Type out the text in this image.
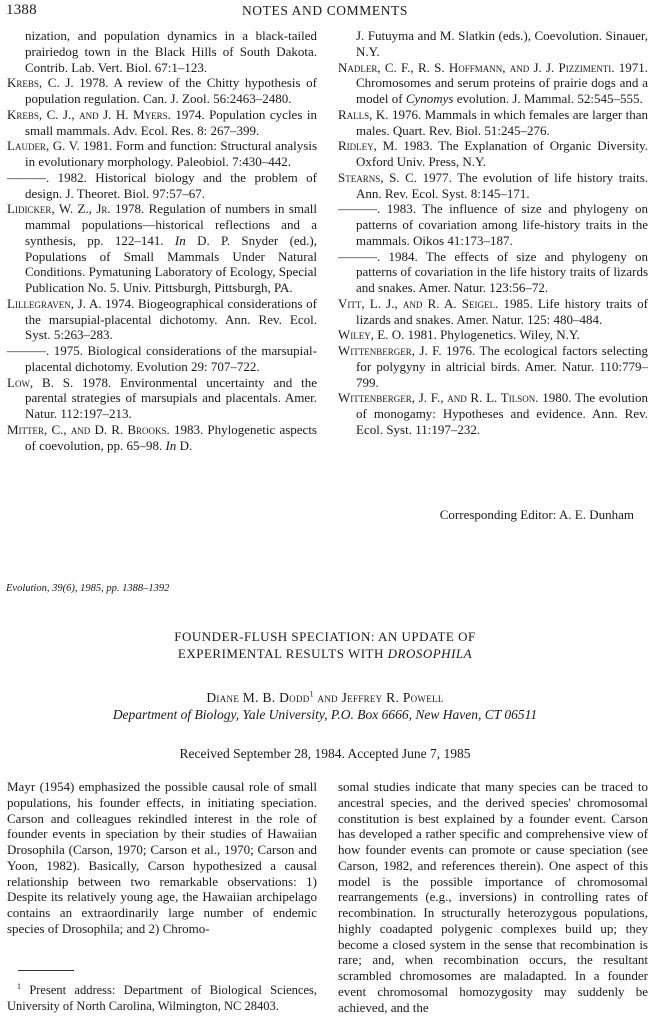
1388	NOTES AND COMMENTS
nization, and population dynamics in a black-tailed prairiedog town in the Black Hills of South Dakota. Contrib. Lab. Vert. Biol. 67:1–123.
Krebs, C. J. 1978. A review of the Chitty hypothesis of population regulation. Can. J. Zool. 56:2463–2480.
Krebs, C. J., and J. H. Myers. 1974. Population cycles in small mammals. Adv. Ecol. Res. 8: 267–399.
Lauder, G. V. 1981. Form and function: Structural analysis in evolutionary morphology. Paleobiol. 7:430–442.
———. 1982. Historical biology and the problem of design. J. Theoret. Biol. 97:57–67.
Lidicker, W. Z., Jr. 1978. Regulation of numbers in small mammal populations—historical reflections and a synthesis, pp. 122–141. In D. P. Snyder (ed.), Populations of Small Mammals Under Natural Conditions. Pymatuning Laboratory of Ecology, Special Publication No. 5. Univ. Pittsburgh, Pittsburgh, PA.
Lillegraven, J. A. 1974. Biogeographical considerations of the marsupial-placental dichotomy. Ann. Rev. Ecol. Syst. 5:263–283.
———. 1975. Biological considerations of the marsupial-placental dichotomy. Evolution 29: 707–722.
Low, B. S. 1978. Environmental uncertainty and the parental strategies of marsupials and placentals. Amer. Natur. 112:197–213.
Mitter, C., and D. R. Brooks. 1983. Phylogenetic aspects of coevolution, pp. 65–98. In D.
J. Futuyma and M. Slatkin (eds.), Coevolution. Sinauer, N.Y.
Nadler, C. F., R. S. Hoffmann, and J. J. Pizzimenti. 1971. Chromosomes and serum proteins of prairie dogs and a model of Cynomys evolution. J. Mammal. 52:545–555.
Ralls, K. 1976. Mammals in which females are larger than males. Quart. Rev. Biol. 51:245–276.
Ridley, M. 1983. The Explanation of Organic Diversity. Oxford Univ. Press, N.Y.
Stearns, S. C. 1977. The evolution of life history traits. Ann. Rev. Ecol. Syst. 8:145–171.
———. 1983. The influence of size and phylogeny on patterns of covariation among life-history traits in the mammals. Oikos 41:173–187.
———. 1984. The effects of size and phylogeny on patterns of covariation in the life history traits of lizards and snakes. Amer. Natur. 123:56–72.
Vitt, L. J., and R. A. Seigel. 1985. Life history traits of lizards and snakes. Amer. Natur. 125: 480–484.
Wiley, E. O. 1981. Phylogenetics. Wiley, N.Y.
Wittenberger, J. F. 1976. The ecological factors selecting for polygyny in altricial birds. Amer. Natur. 110:779–799.
Wittenberger, J. F., and R. L. Tilson. 1980. The evolution of monogamy: Hypotheses and evidence. Ann. Rev. Ecol. Syst. 11:197–232.
Corresponding Editor: A. E. Dunham
Evolution, 39(6), 1985, pp. 1388–1392
FOUNDER-FLUSH SPECIATION: AN UPDATE OF
EXPERIMENTAL RESULTS WITH DROSOPHILA
Diane M. B. Dodd$^1$ and Jeffrey R. Powell
Department of Biology, Yale University, P.O. Box 6666, New Haven, CT 06511
Received September 28, 1984. Accepted June 7, 1985

Mayr (1954) emphasized the possible causal role of small populations, his founder effects, in initiating speciation. Carson and colleagues rekindled interest in the role of founder events in speciation by their studies of Hawaiian Drosophila (Carson, 1970; Carson et al., 1970; Carson and Yoon, 1982). Basically, Carson hypothesized a causal relationship between two remarkable observations: 1) Despite its relatively young age, the Hawaiian archipelago contains an extraordinarily large number of endemic species of Drosophila; and 2) Chromo-

somal studies indicate that many species can be traced to ancestral species, and the derived species' chromosomal constitution is best explained by a founder event. Carson has developed a rather specific and comprehensive view of how founder events can promote or cause speciation (see Carson, 1982, and references therein). One aspect of this model is the possible importance of chromosomal rearrangements (e.g., inversions) in controlling rates of recombination. In structurally heterozygous populations, highly coadapted polygenic complexes build up; they become a closed system in the sense that recombination is rare; and, when recombination occurs, the resultant scrambled chromosomes are maladapted. In a founder event chromosomal homozygosity may suddenly be achieved, and the

$^1$ Present address: Department of Biological Sciences, University of North Carolina, Wilmington, NC 28403.
